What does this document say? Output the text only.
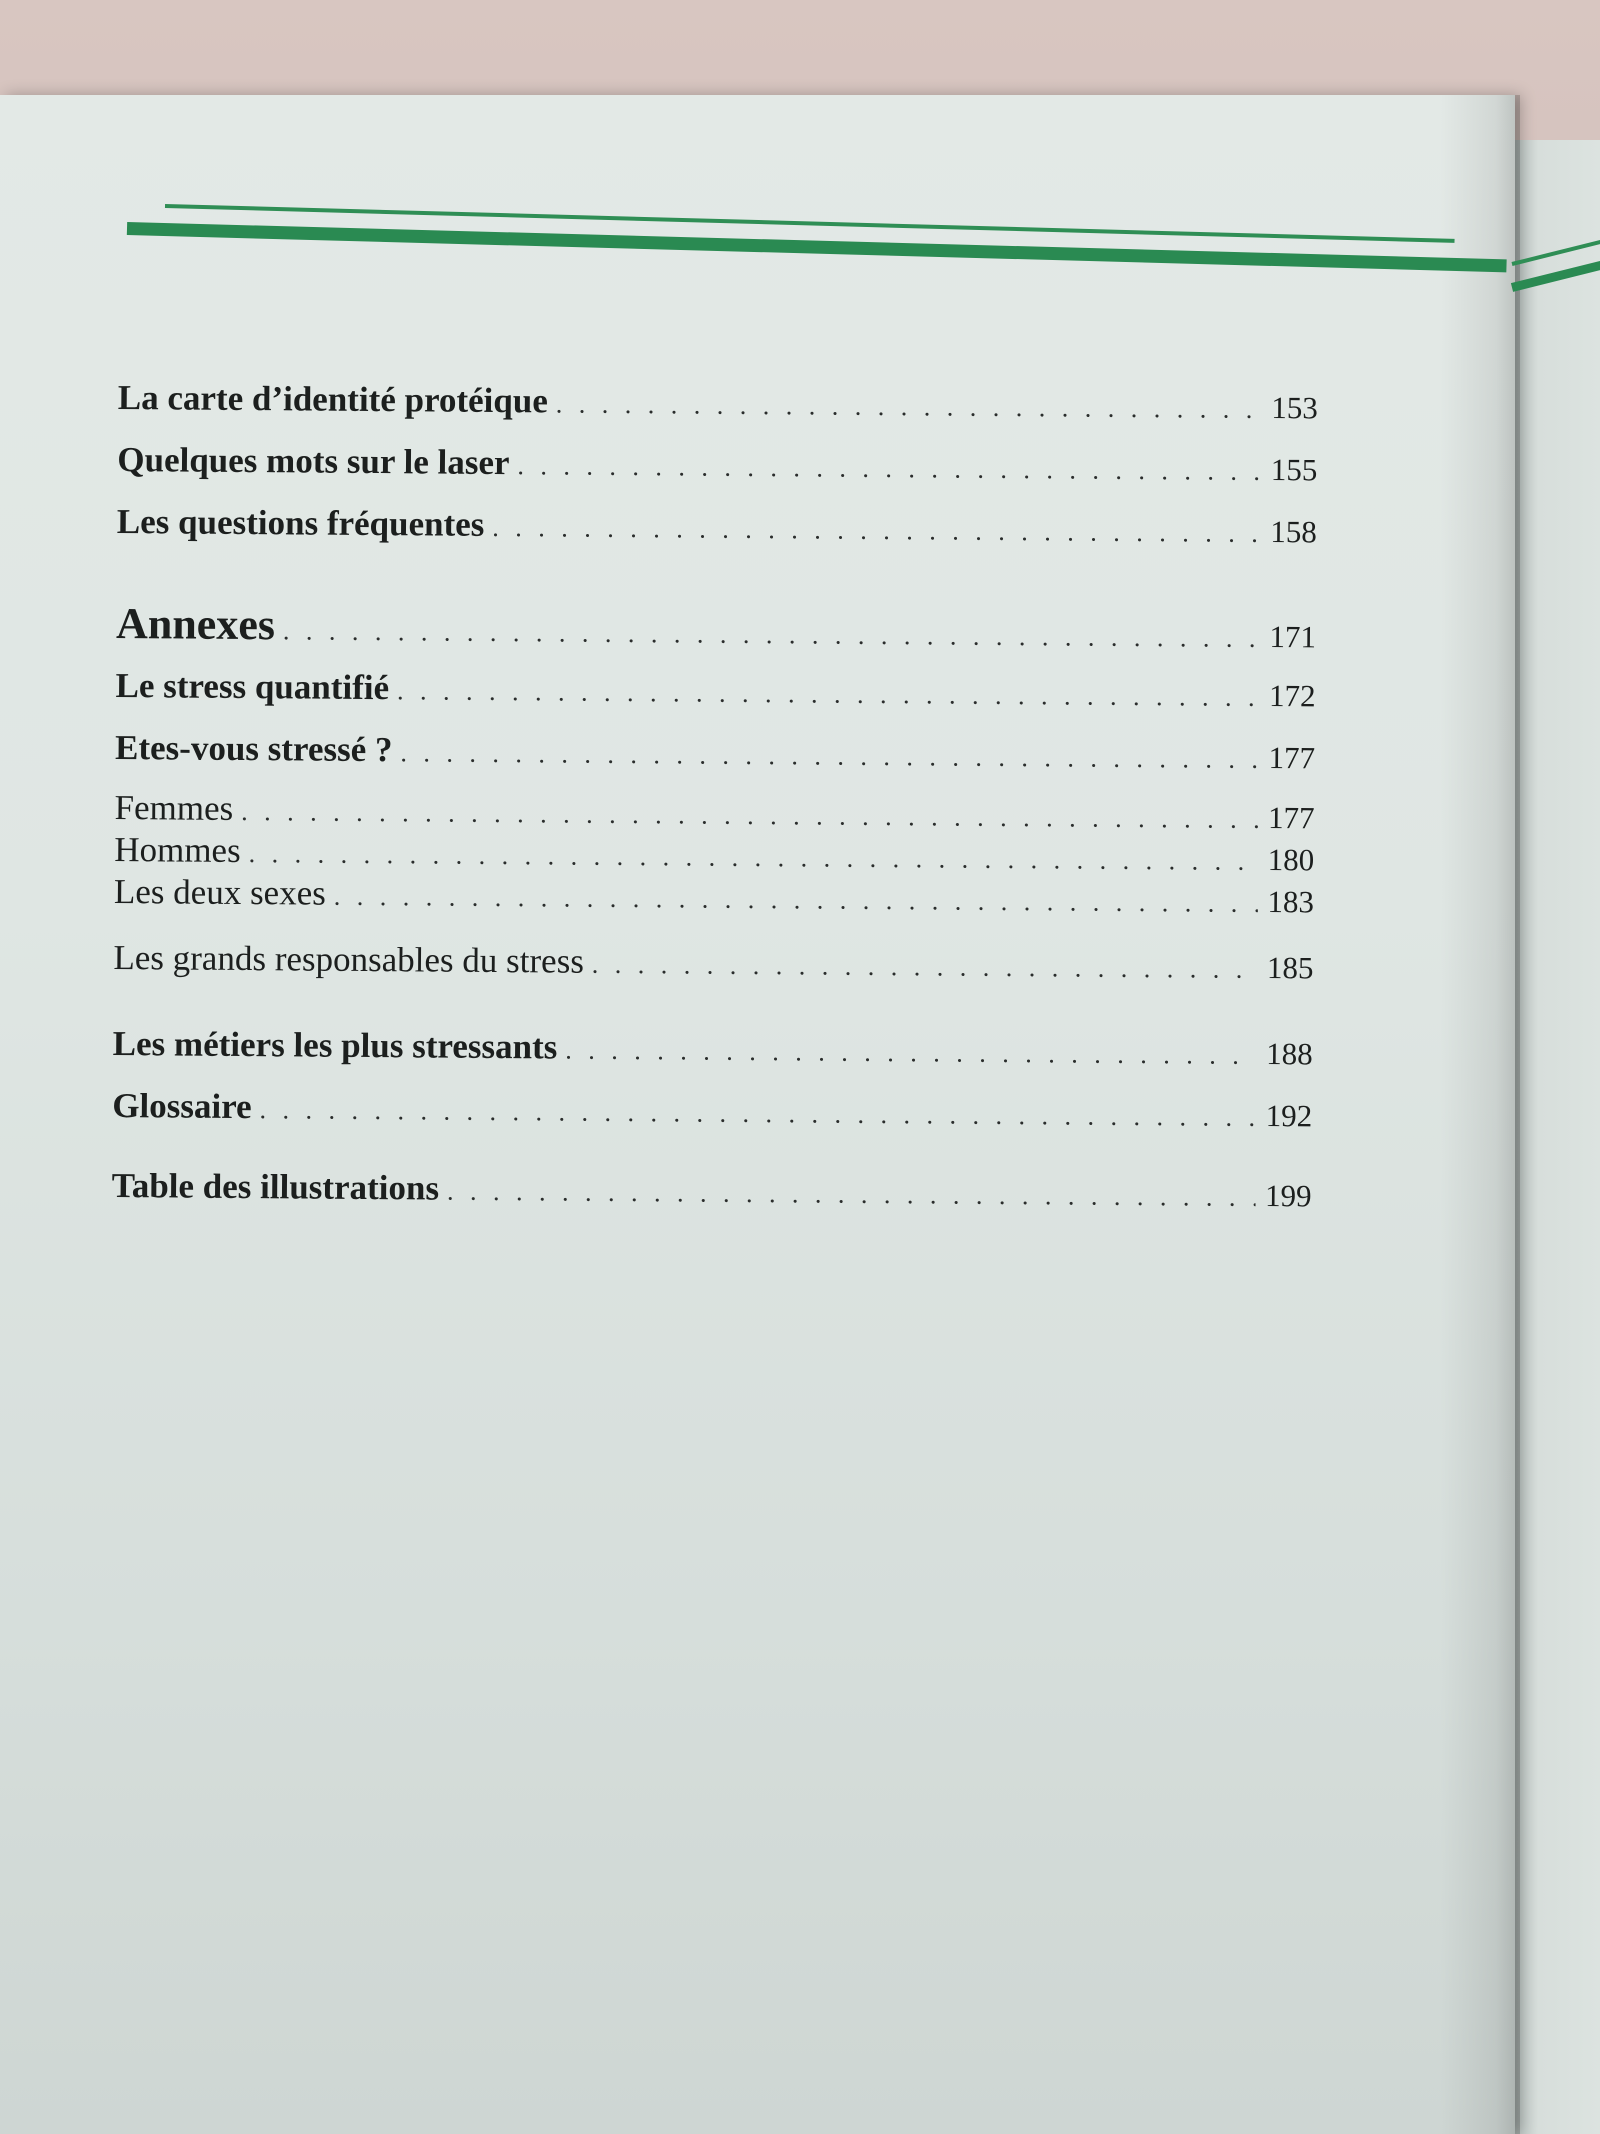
La carte d’identité protéique . . .	153
Quelques mots sur le laser . . .	155
Les questions fréquentes . . .	158
Annexes . . .	171
Le stress quantifié . . .	172
Etes-vous stressé ? . . .	177
Femmes . . .	177
Hommes . . .	180
Les deux sexes . . .	183
Les grands responsables du stress . . .	185
Les métiers les plus stressants . . .	188
Glossaire . . .	192
Table des illustrations . . .	199
